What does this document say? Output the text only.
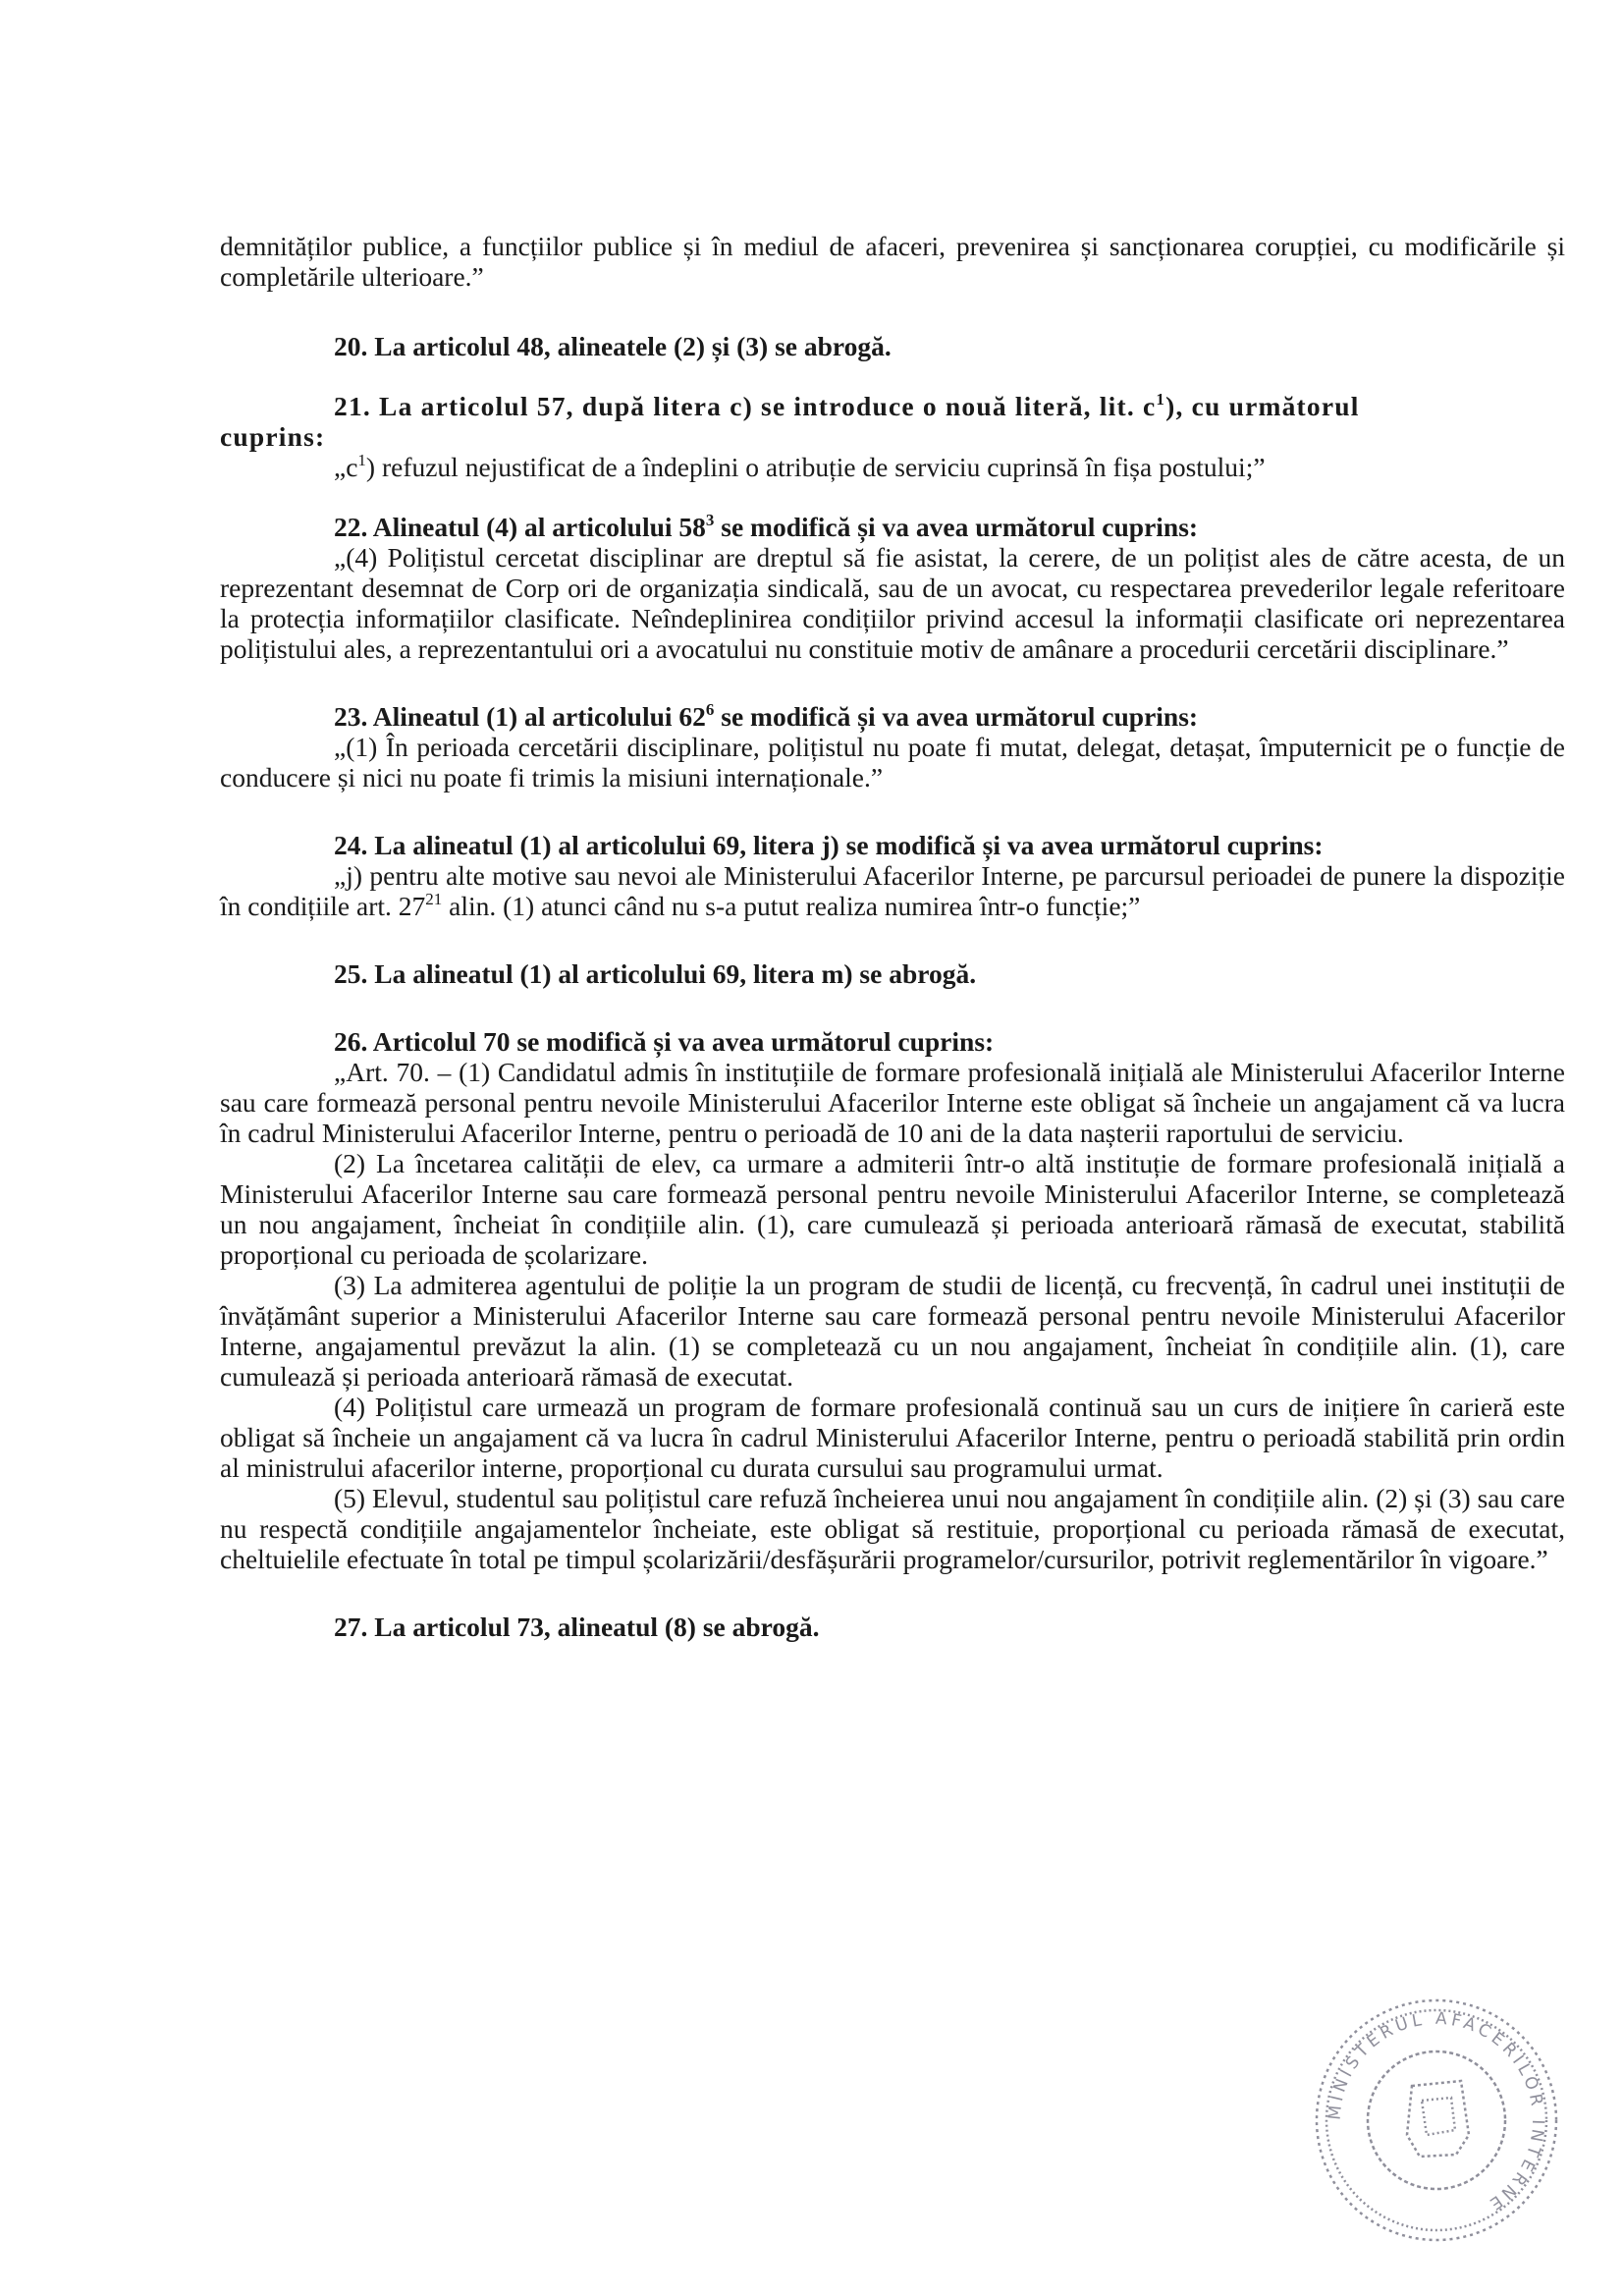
demnităților publice, a funcțiilor publice și în mediul de afaceri, prevenirea și sancționarea corupției, cu modificările și completările ulterioare.”

20. La articolul 48, alineatele (2) și (3) se abrogă.

21. La articolul 57, după litera c) se introduce o nouă literă, lit. $c^1$), cu următorul

cuprins:

$„c^1$) refuzul nejustificat de a îndeplini o atribuție de serviciu cuprinsă în fișa postului;”

22. Alineatul (4) al articolului $58^3$ se modifică și va avea următorul cuprins:

„(4) Polițistul cercetat disciplinar are dreptul să fie asistat, la cerere, de un polițist ales de către acesta, de un reprezentant desemnat de Corp ori de organizația sindicală, sau de un avocat, cu respectarea prevederilor legale referitoare la protecția informațiilor clasificate. Neîndeplinirea condițiilor privind accesul la informații clasificate ori neprezentarea polițistului ales, a reprezentantului ori a avocatului nu constituie motiv de amânare a procedurii cercetării disciplinare.”

23. Alineatul (1) al articolului $62^6$ se modifică și va avea următorul cuprins:

„(1) În perioada cercetării disciplinare, polițistul nu poate fi mutat, delegat, detașat, împuternicit pe o funcție de conducere și nici nu poate fi trimis la misiuni internaționale.”

24. La alineatul (1) al articolului 69, litera j) se modifică și va avea următorul cuprins:

„j) pentru alte motive sau nevoi ale Ministerului Afacerilor Interne, pe parcursul perioadei de punere la dispoziție în condițiile art. $27^{21}$ alin. (1) atunci când nu s-a putut realiza numirea într-o funcție;”

25. La alineatul (1) al articolului 69, litera m) se abrogă.

26. Articolul 70 se modifică și va avea următorul cuprins:

„Art. 70. – (1) Candidatul admis în instituțiile de formare profesională inițială ale Ministerului Afacerilor Interne sau care formează personal pentru nevoile Ministerului Afacerilor Interne este obligat să încheie un angajament că va lucra în cadrul Ministerului Afacerilor Interne, pentru o perioadă de 10 ani de la data nașterii raportului de serviciu.

(2) La încetarea calității de elev, ca urmare a admiterii într-o altă instituție de formare profesională inițială a Ministerului Afacerilor Interne sau care formează personal pentru nevoile Ministerului Afacerilor Interne, se completează un nou angajament, încheiat în condițiile alin. (1), care cumulează și perioada anterioară rămasă de executat, stabilită proporțional cu perioada de școlarizare.

(3) La admiterea agentului de poliție la un program de studii de licență, cu frecvență, în cadrul unei instituții de învățământ superior a Ministerului Afacerilor Interne sau care formează personal pentru nevoile Ministerului Afacerilor Interne, angajamentul prevăzut la alin. (1) se completează cu un nou angajament, încheiat în condițiile alin. (1), care cumulează și perioada anterioară rămasă de executat.

(4) Polițistul care urmează un program de formare profesională continuă sau un curs de inițiere în carieră este obligat să încheie un angajament că va lucra în cadrul Ministerului Afacerilor Interne, pentru o perioadă stabilită prin ordin al ministrului afacerilor interne, proporțional cu durata cursului sau programului urmat.

(5) Elevul, studentul sau polițistul care refuză încheierea unui nou angajament în condițiile alin. (2) și (3) sau care nu respectă condițiile angajamentelor încheiate, este obligat să restituie, proporțional cu perioada rămasă de executat, cheltuielile efectuate în total pe timpul școlarizării/desfășurării programelor/cursurilor, potrivit reglementărilor în vigoare.”

27. La articolul 73, alineatul (8) se abrogă.

MINISTERUL AFACERILOR INTERNE
